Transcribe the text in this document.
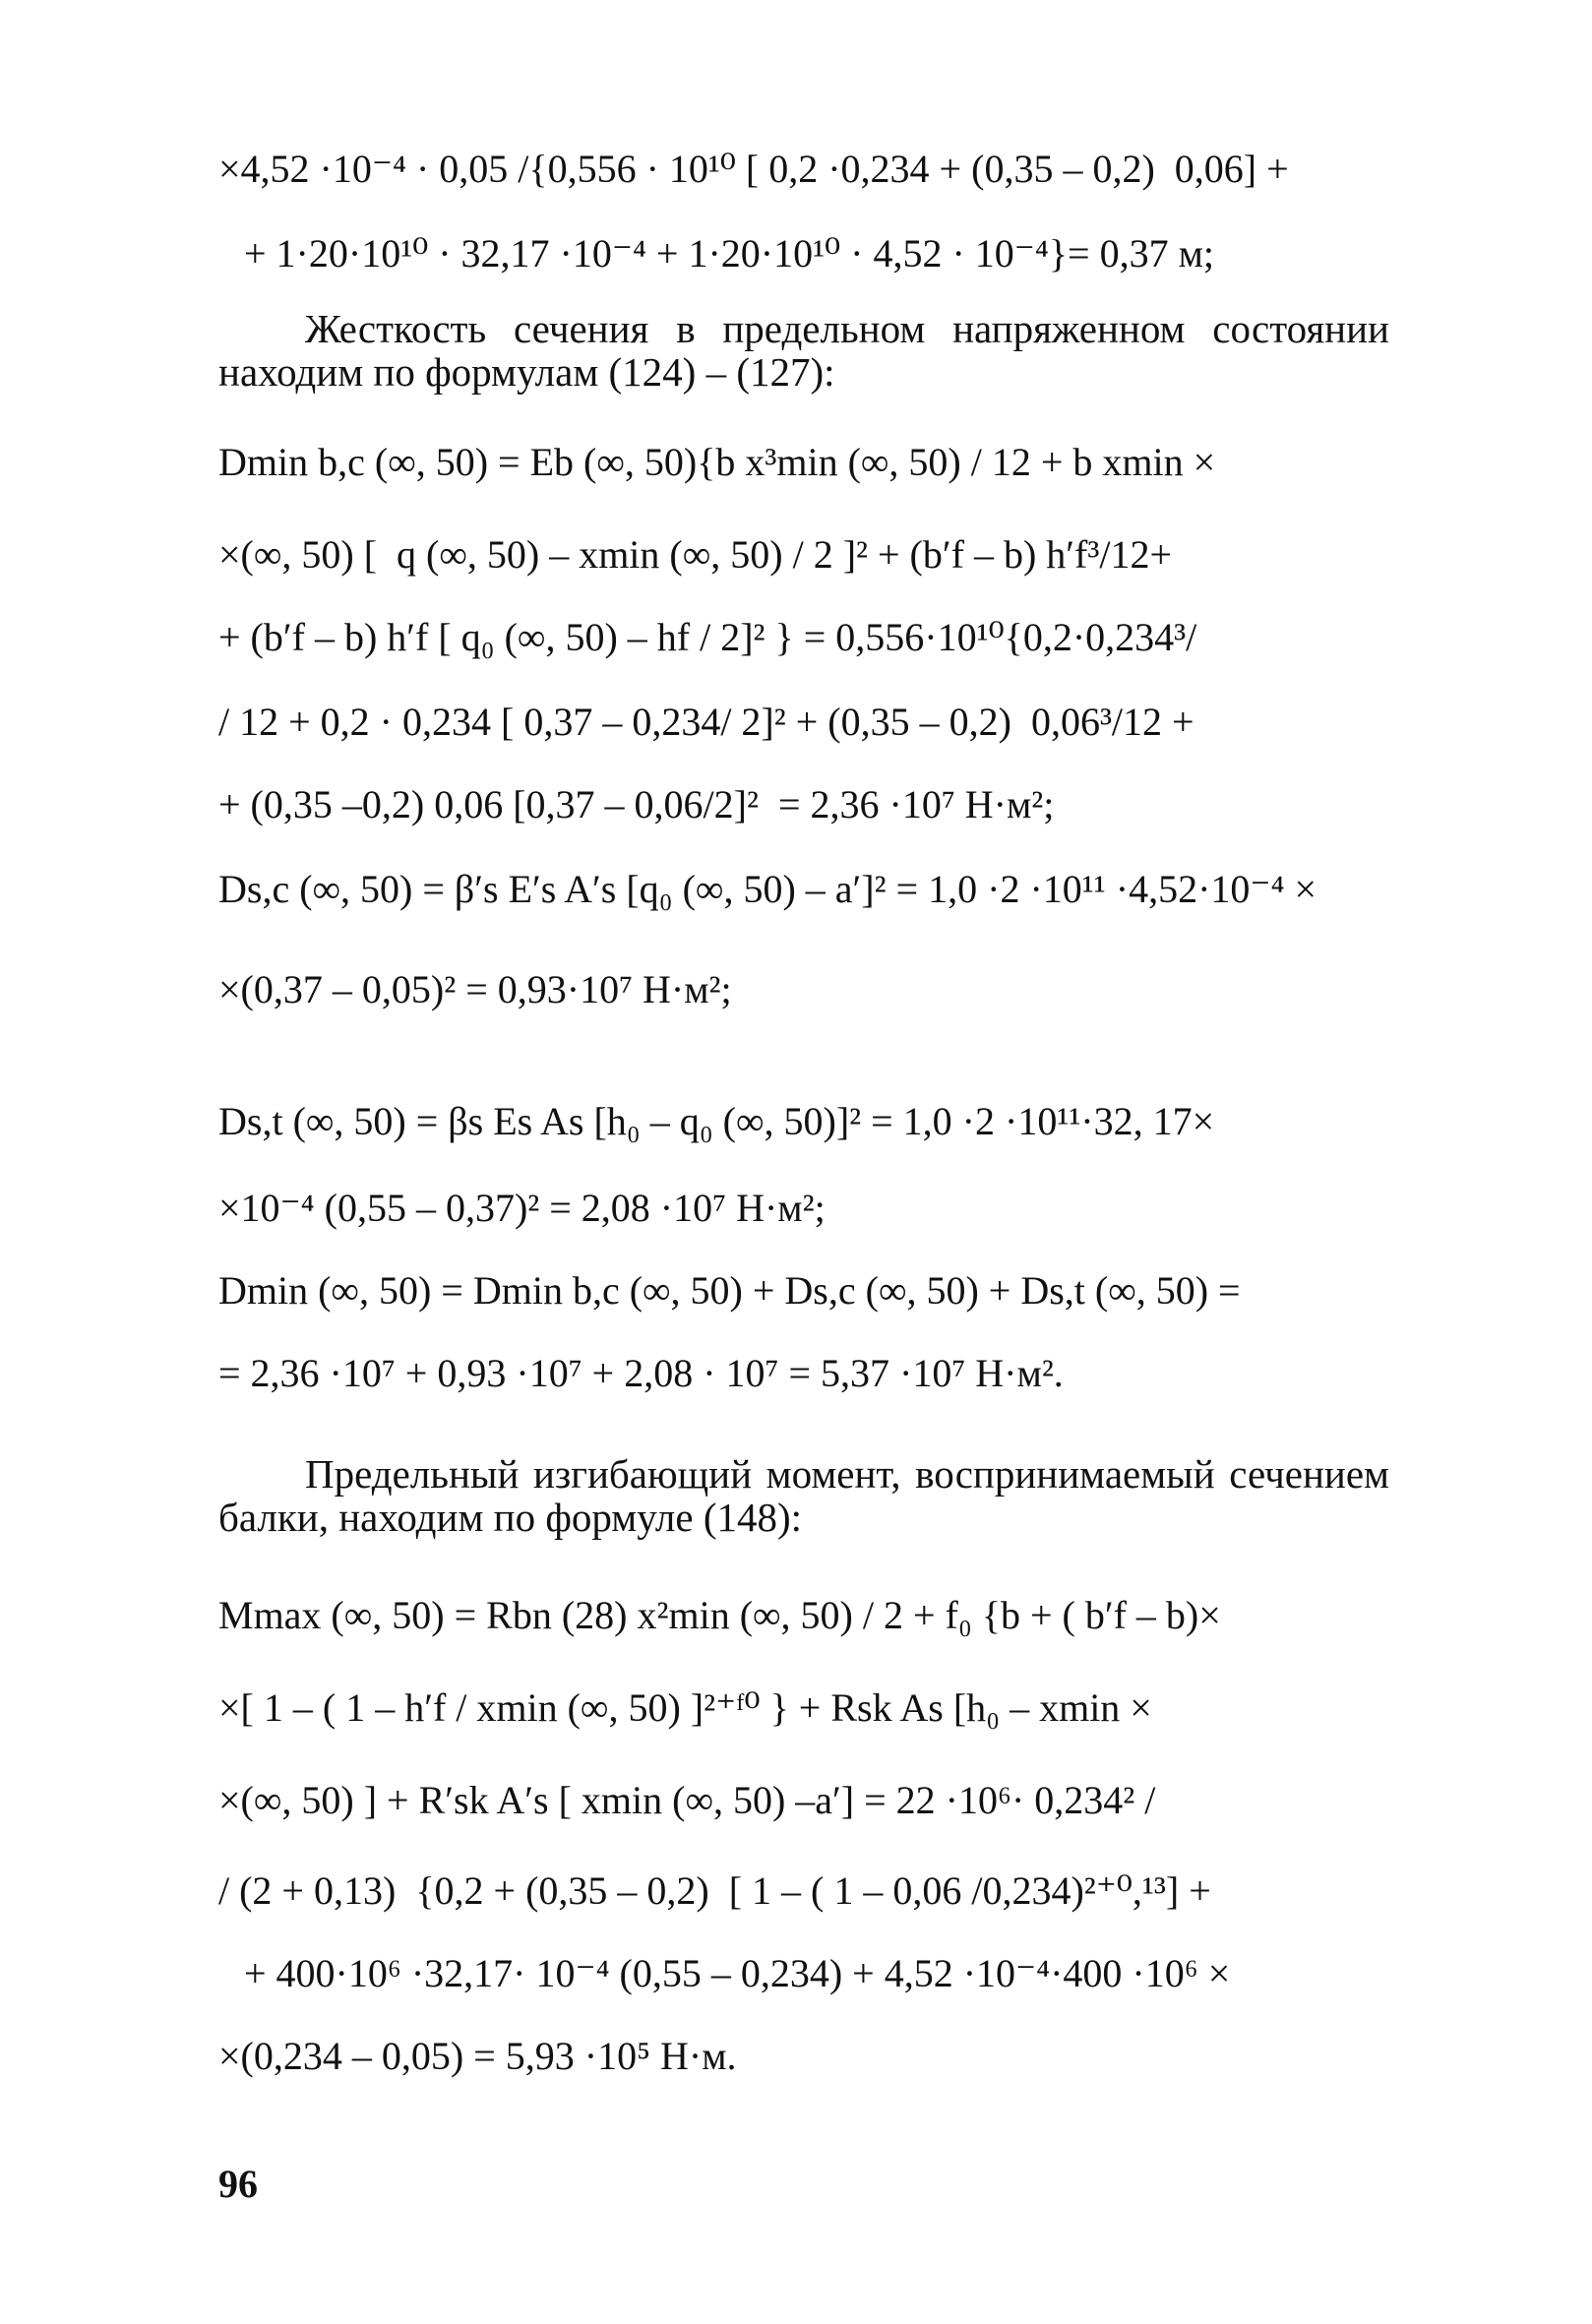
×4,52 ·10⁻⁴ · 0,05 /{0,556 · 10¹⁰ [ 0,2 ·0,234 + (0,35 – 0,2)  0,06] +
+ 1·20·10¹⁰ · 32,17 ·10⁻⁴ + 1·20·10¹⁰ · 4,52 · 10⁻⁴}= 0,37 м;
Жесткость сечения в предельном напряженном состоянии находим по формулам (124) – (127):
Dmin b,c (∞, 50) = Eb (∞, 50){b x³min (∞, 50) / 12 + b xmin ×
×(∞, 50) [  q (∞, 50) – xmin (∞, 50) / 2 ]² + (b′f – b) h′f³/12+
+ (b′f – b) h′f [ q₀ (∞, 50) – hf / 2]² } = 0,556·10¹⁰{0,2·0,234³/
/ 12 + 0,2 · 0,234 [ 0,37 – 0,234/ 2]² + (0,35 – 0,2)  0,06³/12 +
+ (0,35 –0,2) 0,06 [0,37 – 0,06/2]²  = 2,36 ·10⁷ Н·м²;
Ds,c (∞, 50) = β′s E′s A′s [q₀ (∞, 50) – a′]² = 1,0 ·2 ·10¹¹ ·4,52·10⁻⁴ ×
×(0,37 – 0,05)² = 0,93·10⁷ Н·м²;
Ds,t (∞, 50) = βs Es As [h₀ – q₀ (∞, 50)]² = 1,0 ·2 ·10¹¹·32, 17×
×10⁻⁴ (0,55 – 0,37)² = 2,08 ·10⁷ Н·м²;
Dmin (∞, 50) = Dmin b,c (∞, 50) + Ds,c (∞, 50) + Ds,t (∞, 50) =
= 2,36 ·10⁷ + 0,93 ·10⁷ + 2,08 · 10⁷ = 5,37 ·10⁷ Н·м².
Предельный изгибающий момент, воспринимаемый сечением балки, находим по формуле (148):
Mmax (∞, 50) = Rbn (28) x²min (∞, 50) / 2 + f₀ {b + ( b′f – b)×
×[ 1 – ( 1 – h′f / xmin (∞, 50) ]²⁺ᶠ⁰ } + Rsk As [h₀ – xmin ×
×(∞, 50) ] + R′sk A′s [ xmin (∞, 50) –a′] = 22 ·10⁶· 0,234² /
/ (2 + 0,13)  {0,2 + (0,35 – 0,2)  [ 1 – ( 1 – 0,06 /0,234)²⁺⁰,¹³] +
+ 400·10⁶ ·32,17· 10⁻⁴ (0,55 – 0,234) + 4,52 ·10⁻⁴·400 ·10⁶ ×
×(0,234 – 0,05) = 5,93 ·10⁵ Н·м.
96
